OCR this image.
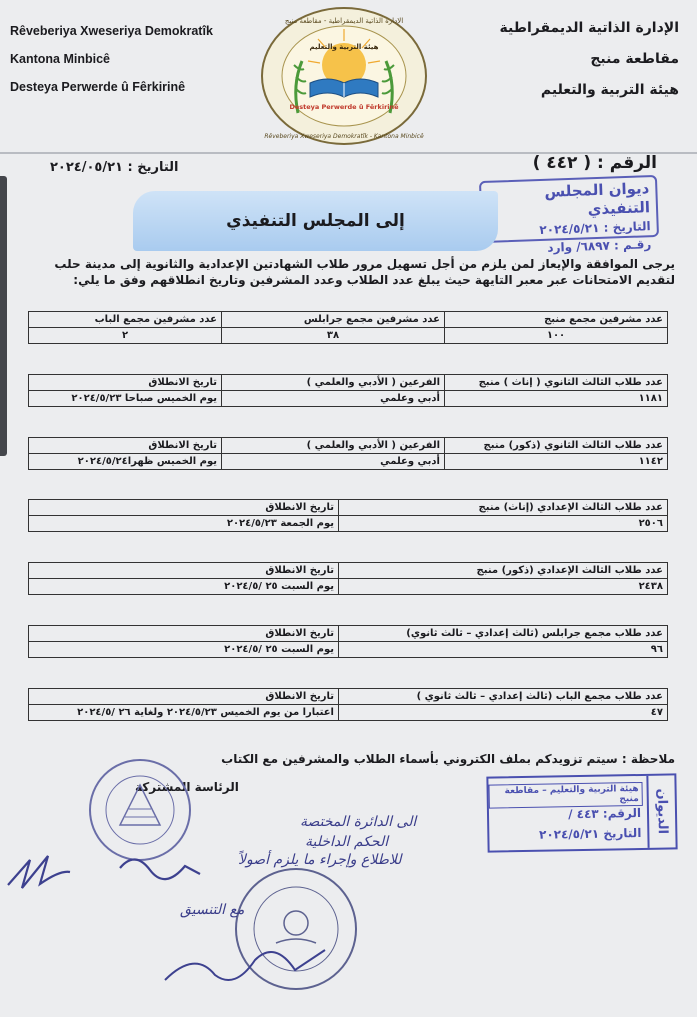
Rêveberiya Xweseriya Demokratîk
Kantona Minbicê
Desteya Perwerde û Fêrkirinê
الإدارة الذاتية الديمقراطية
مقاطعة منبج
هيئة التربية والتعليم
الإدارة الذاتية الديمقراطية - مقاطعة منبج
هيئة التربية والتعليم
Desteya Perwerde û Fêrkirinê
Rêveberiya Xweseriya Demokratîk - Kantona Minbicê
الرقم : ( ٤٤٢ )
التاريخ : ٢٠٢٤/٠٥/٢١
ديوان المجلس التنفيذي
التاريخ : ٢٠٢٤/٥/٢١
رقـم : ٦٨٩٧/ وارد
إلى المجلس التنفيذي
يرجى الموافقة والإيعاز لمن يلزم من أجل تسهيل مرور طلاب الشهادتين الإعدادية والثانوية إلى مدينة حلب لتقديم الامتحانات عبر معبر التايهة حيث يبلغ عدد الطلاب وعدد المشرفين وتاريخ انطلاقهم وفق ما يلي:
عدد مشرفين مجمع منبج	عدد مشرفين مجمع جرابلس	عدد مشرفين مجمع الباب
١٠٠	٣٨	٢
عدد طلاب الثالث الثانوي ( إناث ) منبج	الفرعين ( الأدبي والعلمي )	تاريخ الانطلاق
١١٨١	أدبي وعلمي	يوم الخميس صباحا ٢٠٢٤/٥/٢٣
عدد طلاب الثالث الثانوي (ذكور) منبج	الفرعين ( الأدبي والعلمي )	تاريخ الانطلاق
١١٤٢	أدبي وعلمي	يوم الخميس ظهرا٢٠٢٤/٥/٢٤
عدد طلاب الثالث الإعدادي (إناث) منبج	تاريخ الانطلاق
٢٥٠٦	يوم الجمعة ٢٠٢٤/٥/٢٣
عدد طلاب الثالث الإعدادي (ذكور) منبج	تاريخ الانطلاق
٢٤٣٨	يوم السبت ٢٥ /٢٠٢٤/٥
عدد طلاب مجمع جرابلس (ثالث إعدادي – ثالث ثانوي)	تاريخ الانطلاق
٩٦	يوم السبت ٢٥ /٢٠٢٤/٥
عدد طلاب مجمع الباب (ثالث إعدادي – ثالث ثانوي )	تاريخ الانطلاق
٤٧	اعتبارا من يوم الخميس ٢٠٢٤/٥/٢٣ ولغاية ٢٦ /٢٠٢٤/٥
ملاحظة : سيتم تزويدكم بملف الكتروني بأسماء الطلاب والمشرفين مع الكتاب
الرئاسة المشتركة
الديوان
هيئة التربية والتعليم – مقاطعة منبج
الرقم: ٤٤٣ /
التاريخ ٢٠٢٤/٥/٢١
الى الدائرة المختصة
الحكم الداخلية
للاطلاع وإجراء ما يلزم أصولاً
مع التنسيق
